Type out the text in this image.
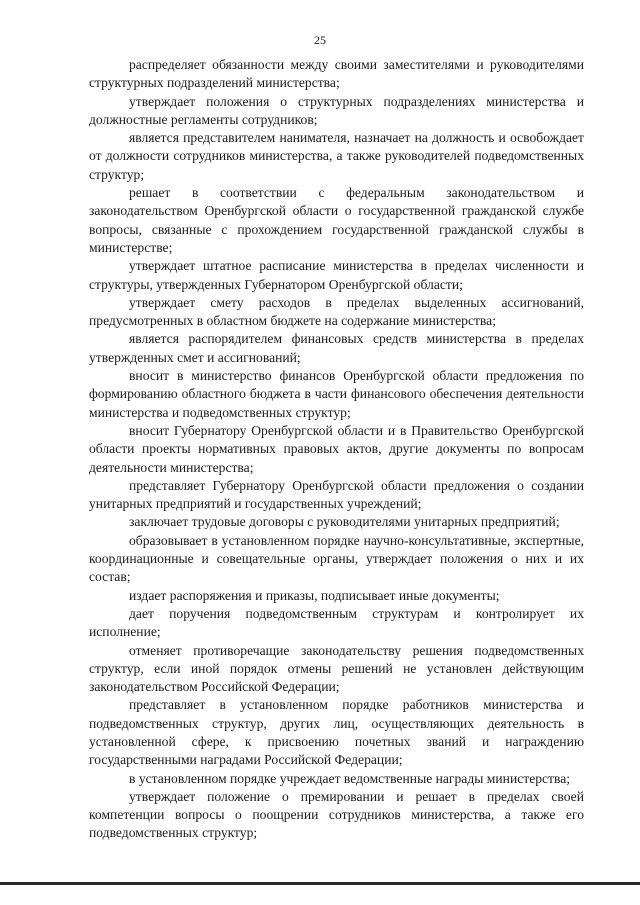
25

распределяет обязанности между своими заместителями и руководителями структурных подразделений министерства;

утверждает положения о структурных подразделениях министерства и должностные регламенты сотрудников;

является представителем нанимателя, назначает на должность и освобождает от должности сотрудников министерства, а также руководителей подведомственных структур;

решает в соответствии с федеральным законодательством и законодательством Оренбургской области о государственной гражданской службе вопросы, связанные с прохождением государственной гражданской службы в министерстве;

утверждает штатное расписание министерства в пределах численности и структуры, утвержденных Губернатором Оренбургской области;

утверждает смету расходов в пределах выделенных ассигнований, предусмотренных в областном бюджете на содержание министерства;

является распорядителем финансовых средств министерства в пределах утвержденных смет и ассигнований;

вносит в министерство финансов Оренбургской области предложения по формированию областного бюджета в части финансового обеспечения деятельности министерства и подведомственных структур;

вносит Губернатору Оренбургской области и в Правительство Оренбургской области проекты нормативных правовых актов, другие документы по вопросам деятельности министерства;

представляет Губернатору Оренбургской области предложения о создании унитарных предприятий и государственных учреждений;

заключает трудовые договоры с руководителями унитарных предприятий;

образовывает в установленном порядке научно-консультативные, экспертные, координационные и совещательные органы, утверждает положения о них и их состав;

издает распоряжения и приказы, подписывает иные документы;

дает поручения подведомственным структурам и контролирует их исполнение;

отменяет противоречащие законодательству решения подведомственных структур, если иной порядок отмены решений не установлен действующим законодательством Российской Федерации;

представляет в установленном порядке работников министерства и подведомственных структур, других лиц, осуществляющих деятельность в установленной сфере, к присвоению почетных званий и награждению государственными наградами Российской Федерации;

в установленном порядке учреждает ведомственные награды министерства;

утверждает положение о премировании и решает в пределах своей компетенции вопросы о поощрении сотрудников министерства, а также его подведомственных структур;
